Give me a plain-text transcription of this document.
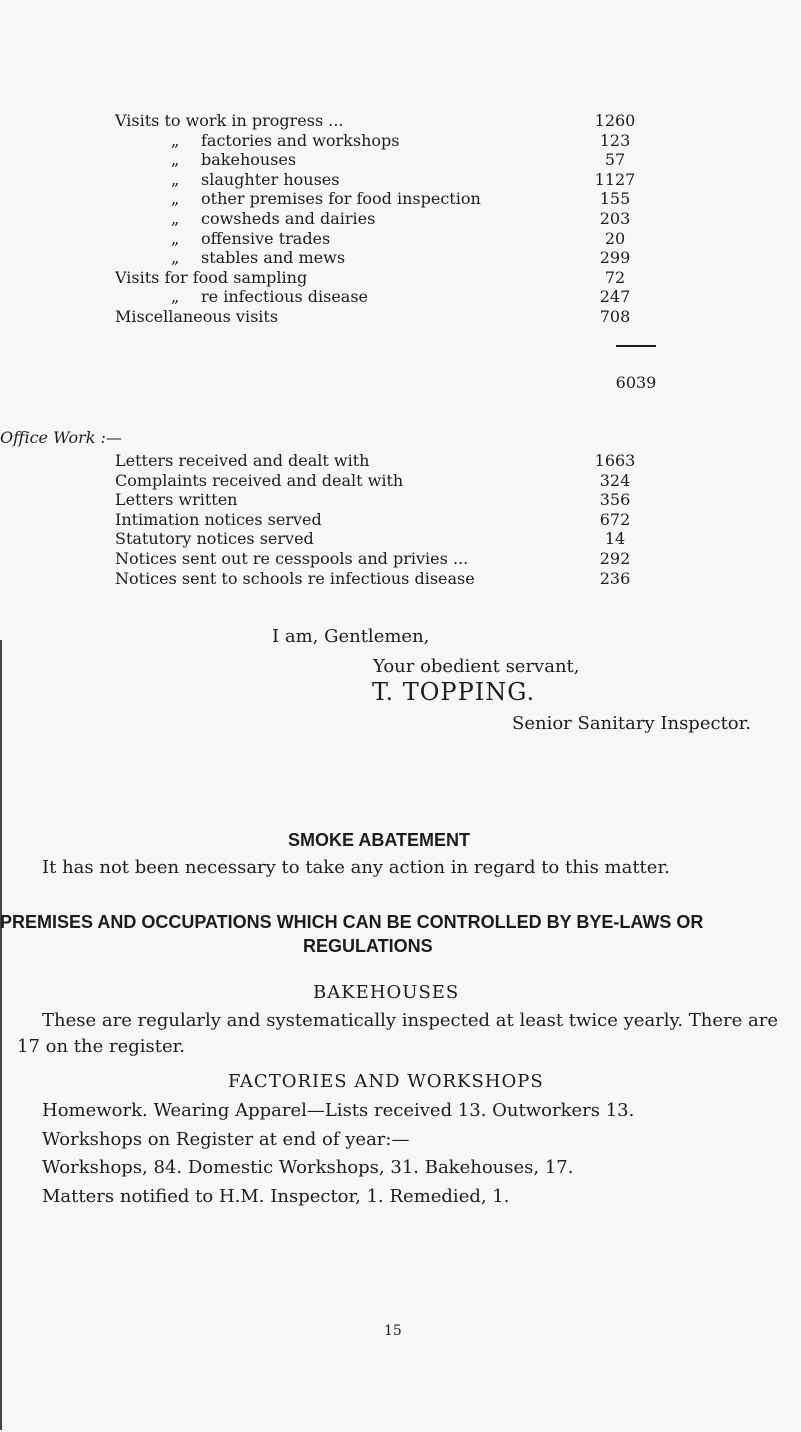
Visits to work in progress ...	1260
„ factories and workshops	123
„ bakehouses	57
„ slaughter houses	1127
„ other premises for food inspection	155
„ cowsheds and dairies	203
„ offensive trades	20
„ stables and mews	299
Visits for food sampling	72
„ re infectious disease	247
Miscellaneous visits	708
6039
Office Work :—
Letters received and dealt with	1663
Complaints received and dealt with	324
Letters written	356
Intimation notices served	672
Statutory notices served	14
Notices sent out re cesspools and privies ...	292
Notices sent to schools re infectious disease	236
I am, Gentlemen,
Your obedient servant,
T. TOPPING.
Senior Sanitary Inspector.
SMOKE ABATEMENT
It has not been necessary to take any action in regard to this matter.
PREMISES AND OCCUPATIONS WHICH CAN BE CONTROLLED BY BYE-LAWS OR
REGULATIONS
BAKEHOUSES
These are regularly and systematically inspected at least twice yearly. There are
17 on the register.
FACTORIES AND WORKSHOPS
Homework. Wearing Apparel—Lists received 13. Outworkers 13.
Workshops on Register at end of year:—
Workshops, 84. Domestic Workshops, 31. Bakehouses, 17.
Matters notified to H.M. Inspector, 1. Remedied, 1.
15
